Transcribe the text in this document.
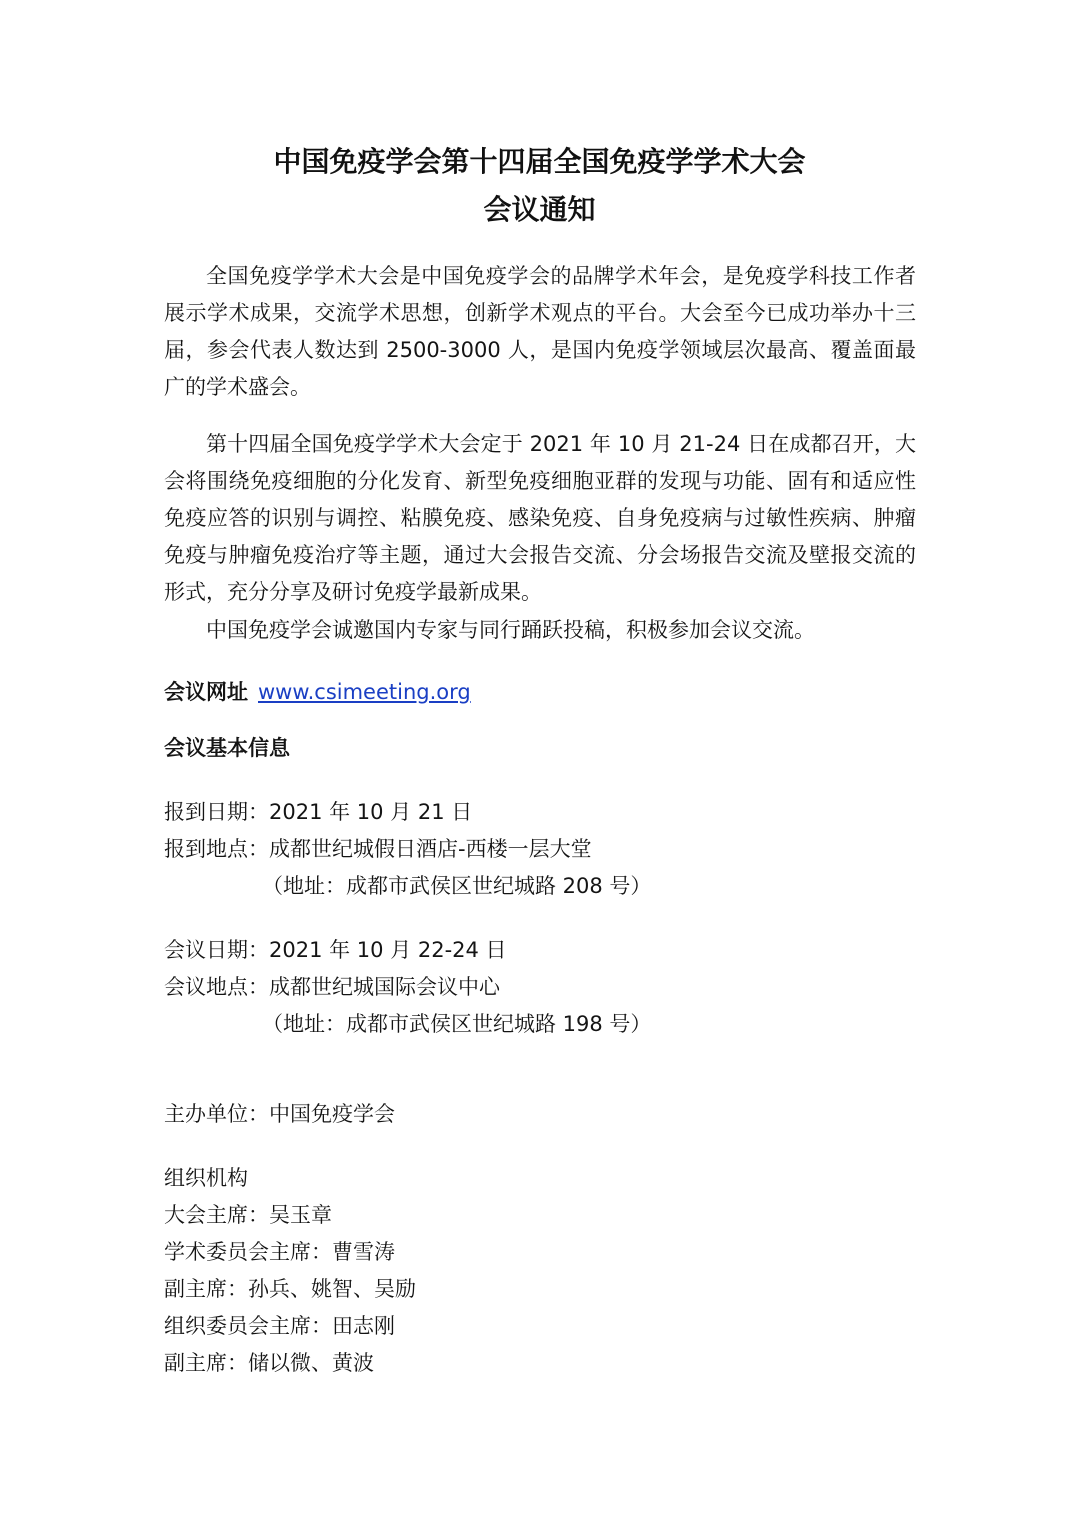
中国免疫学会第十四届全国免疫学学术大会
会议通知

全国免疫学学术大会是中国免疫学会的品牌学术年会，是免疫学科技工作者展示学术成果，交流学术思想，创新学术观点的平台。大会至今已成功举办十三届，参会代表人数达到 2500-3000 人，是国内免疫学领域层次最高、覆盖面最广的学术盛会。

第十四届全国免疫学学术大会定于 2021 年 10 月 21-24 日在成都召开，大会将围绕免疫细胞的分化发育、新型免疫细胞亚群的发现与功能、固有和适应性免疫应答的识别与调控、粘膜免疫、感染免疫、自身免疫病与过敏性疾病、肿瘤免疫与肿瘤免疫治疗等主题，通过大会报告交流、分会场报告交流及壁报交流的形式，充分分享及研讨免疫学最新成果。

中国免疫学会诚邀国内专家与同行踊跃投稿，积极参加会议交流。

会议网址 www.csimeeting.org
会议基本信息
报到日期：2021 年 10 月 21 日
报到地点：成都世纪城假日酒店-西楼一层大堂
（地址：成都市武侯区世纪城路 208 号）
会议日期：2021 年 10 月 22-24 日
会议地点：成都世纪城国际会议中心
（地址：成都市武侯区世纪城路 198 号）
主办单位：中国免疫学会
组织机构
大会主席：吴玉章
学术委员会主席：曹雪涛
副主席：孙兵、姚智、吴励
组织委员会主席：田志刚
副主席：储以微、黄波
